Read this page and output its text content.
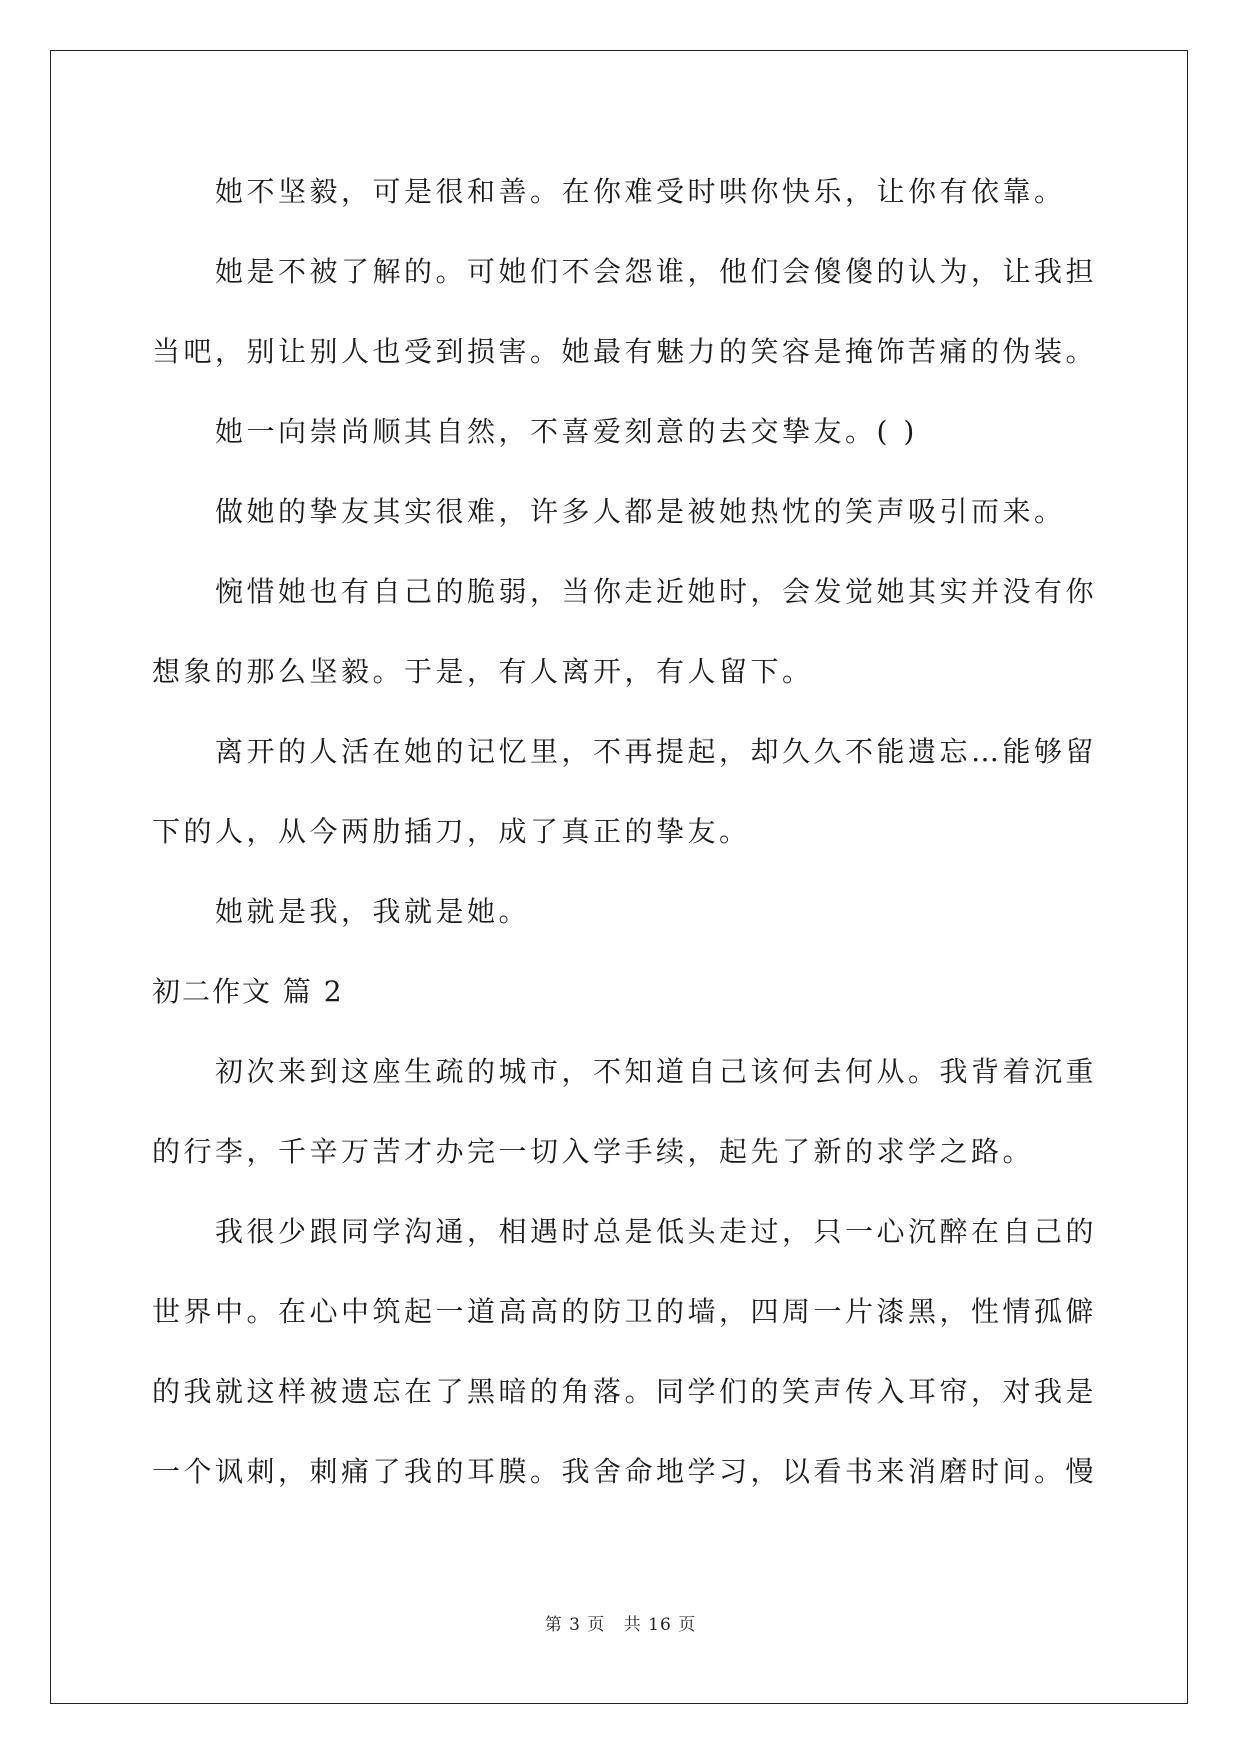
她不坚毅，可是很和善。在你难受时哄你快乐，让你有依靠。
她是不被了解的。可她们不会怨谁，他们会傻傻的认为，让我担
当吧，别让别人也受到损害。她最有魅力的笑容是掩饰苦痛的伪装。
她一向崇尚顺其自然，不喜爱刻意的去交挚友。( )
做她的挚友其实很难，许多人都是被她热忱的笑声吸引而来。
惋惜她也有自己的脆弱，当你走近她时，会发觉她其实并没有你
想象的那么坚毅。于是，有人离开，有人留下。
离开的人活在她的记忆里，不再提起，却久久不能遗忘…能够留
下的人，从今两肋插刀，成了真正的挚友。
她就是我，我就是她。
初二作文 篇 2
初次来到这座生疏的城市，不知道自己该何去何从。我背着沉重
的行李，千辛万苦才办完一切入学手续，起先了新的求学之路。
我很少跟同学沟通，相遇时总是低头走过，只一心沉醉在自己的
世界中。在心中筑起一道高高的防卫的墙，四周一片漆黑，性情孤僻
的我就这样被遗忘在了黑暗的角落。同学们的笑声传入耳帘，对我是
一个讽刺，刺痛了我的耳膜。我舍命地学习，以看书来消磨时间。慢
第 3 页 共 16 页
